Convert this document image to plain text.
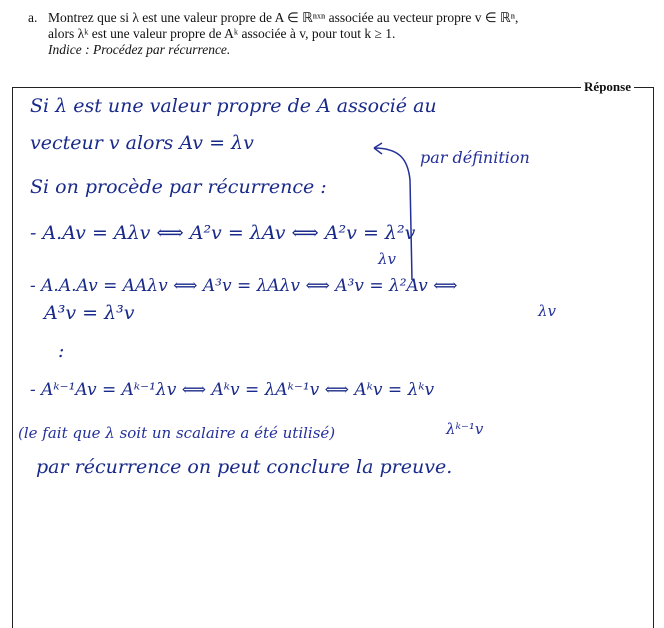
a. Montrez que si λ est une valeur propre de A ∈ ℝⁿˣⁿ associée au vecteur propre v ∈ ℝⁿ,
alors λᵏ est une valeur propre de Aᵏ associée à v, pour tout k ≥ 1.
Indice : Procédez par récurrence.
Réponse
Si λ est une valeur propre de A associé au
vecteur v alors Av = λv
par définition
Si on procède par récurrence :
- A.Av = Aλv ⟺ A²v = λAv ⟺ A²v = λ²v
λv
- A.A.Av = AAλv ⟺ A³v = λAλv ⟺ A³v = λ²Av ⟺
λv
A³v = λ³v
:
- Aᵏ⁻¹Av = Aᵏ⁻¹λv ⟺ Aᵏv = λAᵏ⁻¹v ⟺ Aᵏv = λᵏv
(le fait que λ soit un scalaire a été utilisé)	λᵏ⁻¹v
par récurrence on peut conclure la preuve.
